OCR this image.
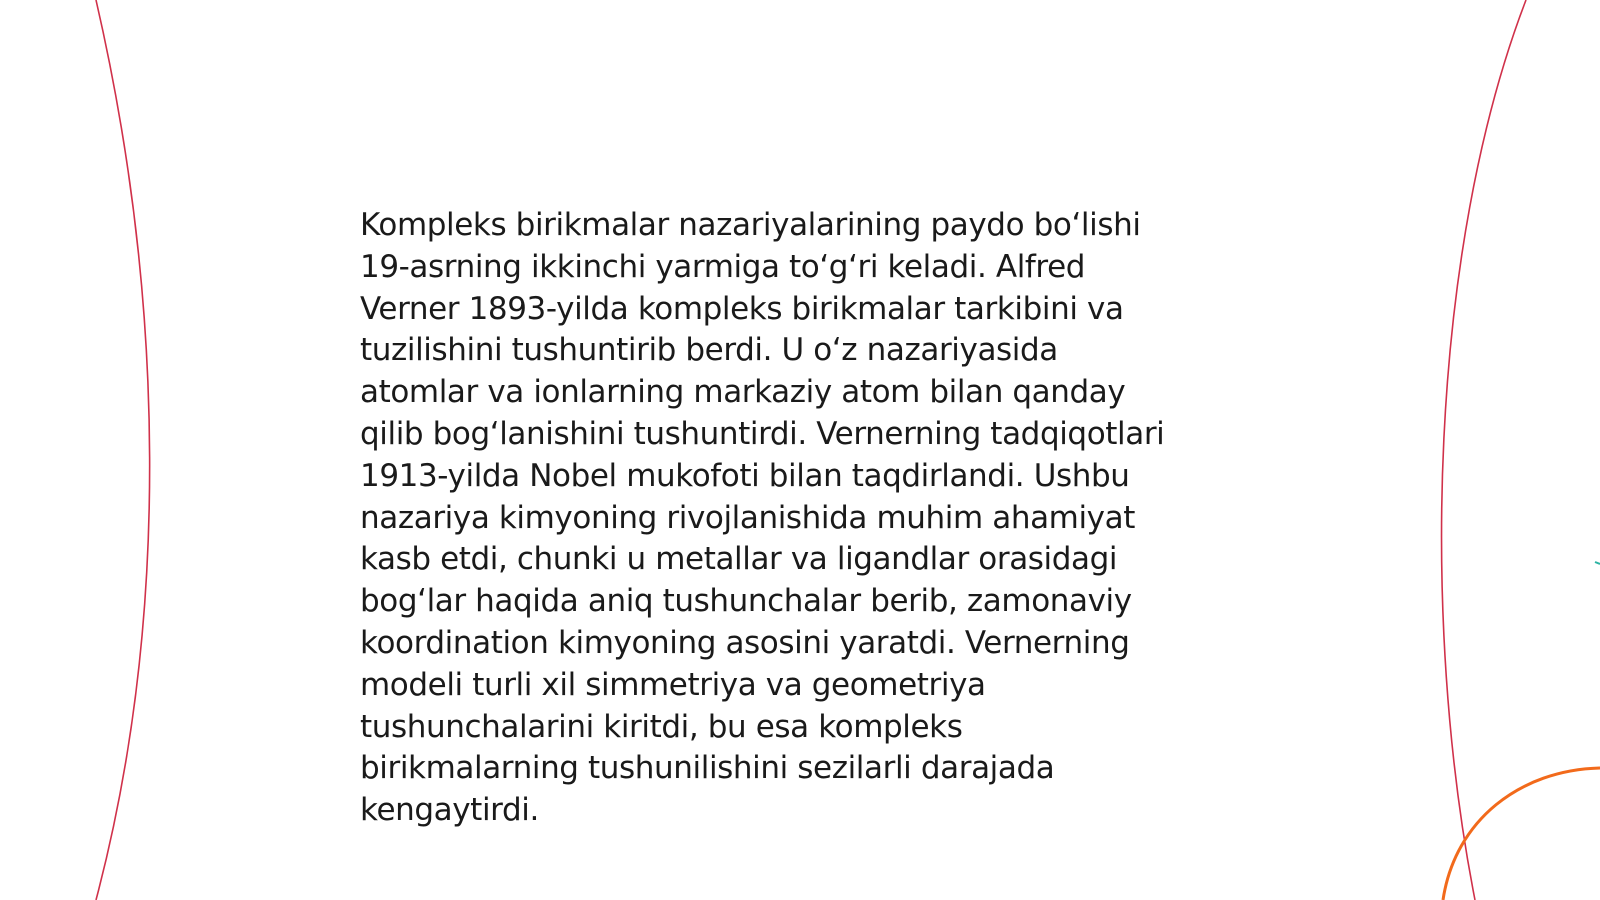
Kompleks birikmalar nazariyalarining paydo bo‘lishi
19-asrning ikkinchi yarmiga to‘g‘ri keladi. Alfred
Verner 1893-yilda kompleks birikmalar tarkibini va
tuzilishini tushuntirib berdi. U o‘z nazariyasida
atomlar va ionlarning markaziy atom bilan qanday
qilib bog‘lanishini tushuntirdi. Vernerning tadqiqotlari
1913-yilda Nobel mukofoti bilan taqdirlandi. Ushbu
nazariya kimyoning rivojlanishida muhim ahamiyat
kasb etdi, chunki u metallar va ligandlar orasidagi
bog‘lar haqida aniq tushunchalar berib, zamonaviy
koordination kimyoning asosini yaratdi. Vernerning
modeli turli xil simmetriya va geometriya
tushunchalarini kiritdi, bu esa kompleks
birikmalarning tushunilishini sezilarli darajada
kengaytirdi.
